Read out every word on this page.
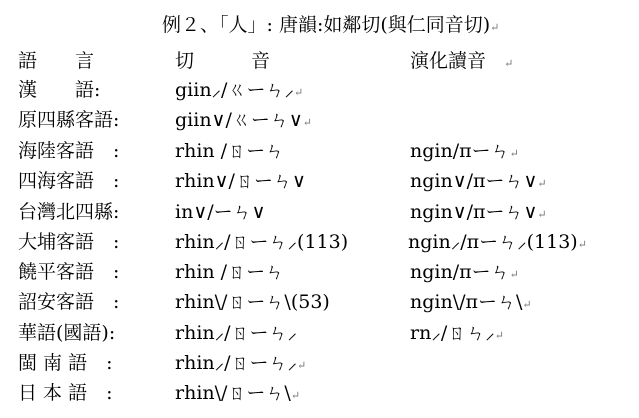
例２、「人」: 唐韻:如鄰切(與仁同音切)↵
語　　言	切　　　音	演化讀音 ↵
漢　　語:	giin⸝/ㄍーㄣ⸝↵
原四縣客語:	giin∨/ㄍーㄣ∨↵
海陸客語　:	rhin /ㄖーㄣ	ngin/πーㄣ↵
四海客語　:	rhin∨/ㄖーㄣ∨	ngin∨/πーㄣ∨↵
台灣北四縣:	in∨/ーㄣ∨	ngin∨/πーㄣ∨↵
大埔客語　:	rhin⸝/ㄖーㄣ⸝(113)	ngin⸝/πーㄣ⸝(113)↵
饒平客語　:	rhin /ㄖーㄣ	ngin/πーㄣ↵
詔安客語　:	rhin\/ㄖーㄣ\(53)	ngin\/πーㄣ\↵
華語(國語):	rhin⸝/ㄖーㄣ⸝	rn⸝/ㄖㄣ⸝↵
閩 南 語　:	rhin⸝/ㄖーㄣ⸝↵
日 本 語　:	rhin\/ㄖーㄣ\↵
